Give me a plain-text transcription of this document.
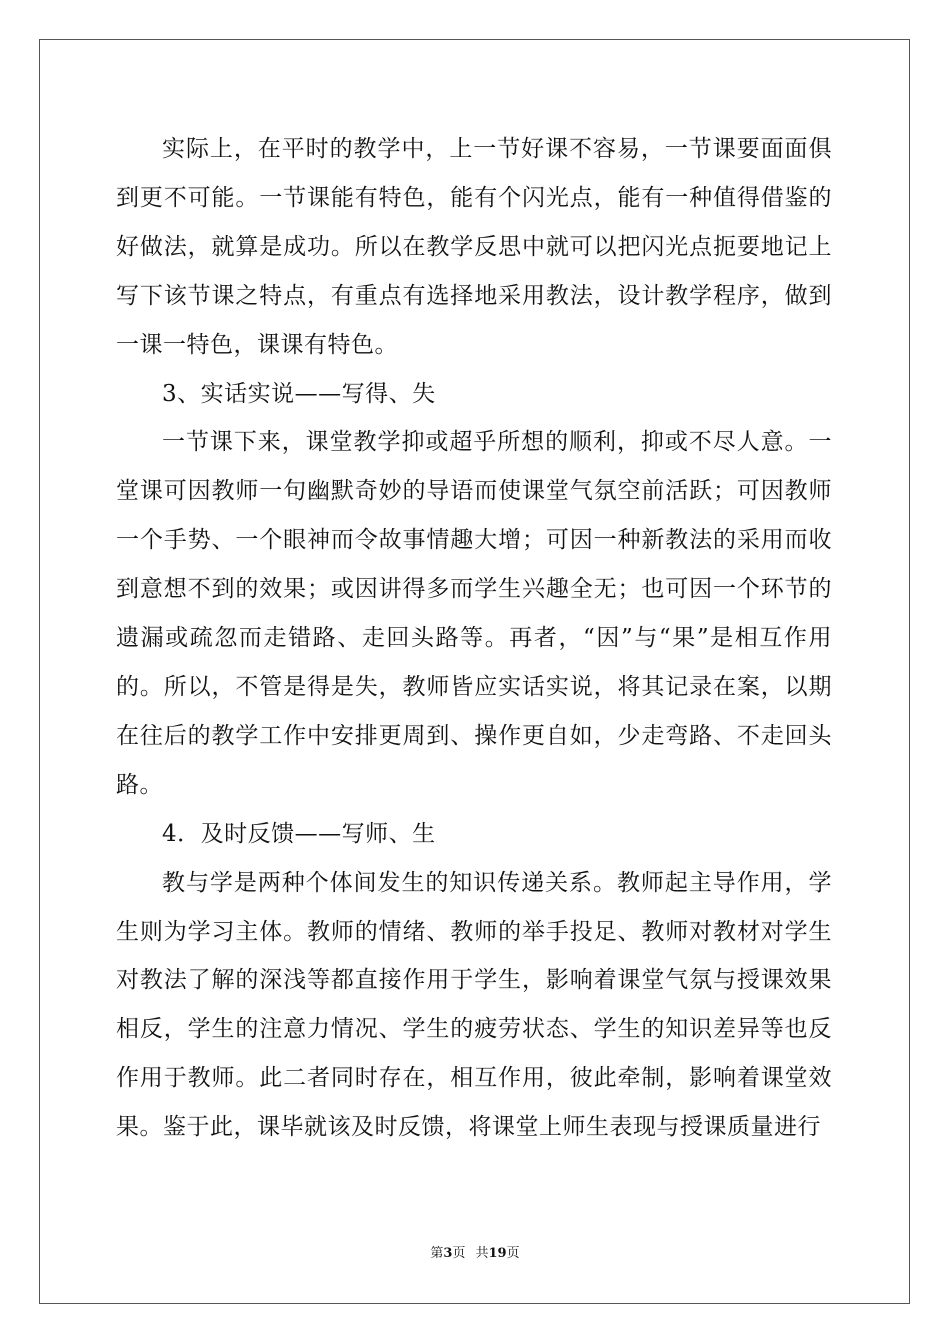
实际上，在平时的教学中，上一节好课不容易，一节课要面面俱到更不可能。一节课能有特色，能有个闪光点，能有一种值得借鉴的好做法，就算是成功。所以在教学反思中就可以把闪光点扼要地记上写下该节课之特点，有重点有选择地采用教法，设计教学程序，做到一课一特色，课课有特色。

3、实话实说——写得、失

一节课下来，课堂教学抑或超乎所想的顺利，抑或不尽人意。一堂课可因教师一句幽默奇妙的导语而使课堂气氛空前活跃；可因教师一个手势、一个眼神而令故事情趣大增；可因一种新教法的采用而收到意想不到的效果；或因讲得多而学生兴趣全无；也可因一个环节的遗漏或疏忽而走错路、走回头路等。再者，“因”与“果”是相互作用的。所以，不管是得是失，教师皆应实话实说，将其记录在案，以期在往后的教学工作中安排更周到、操作更自如，少走弯路、不走回头路。

4．及时反馈——写师、生

教与学是两种个体间发生的知识传递关系。教师起主导作用，学生则为学习主体。教师的情绪、教师的举手投足、教师对教材对学生对教法了解的深浅等都直接作用于学生，影响着课堂气氛与授课效果相反，学生的注意力情况、学生的疲劳状态、学生的知识差异等也反作用于教师。此二者同时存在，相互作用，彼此牵制，影响着课堂效果。鉴于此，课毕就该及时反馈，将课堂上师生表现与授课质量进行

第3页 共19页
